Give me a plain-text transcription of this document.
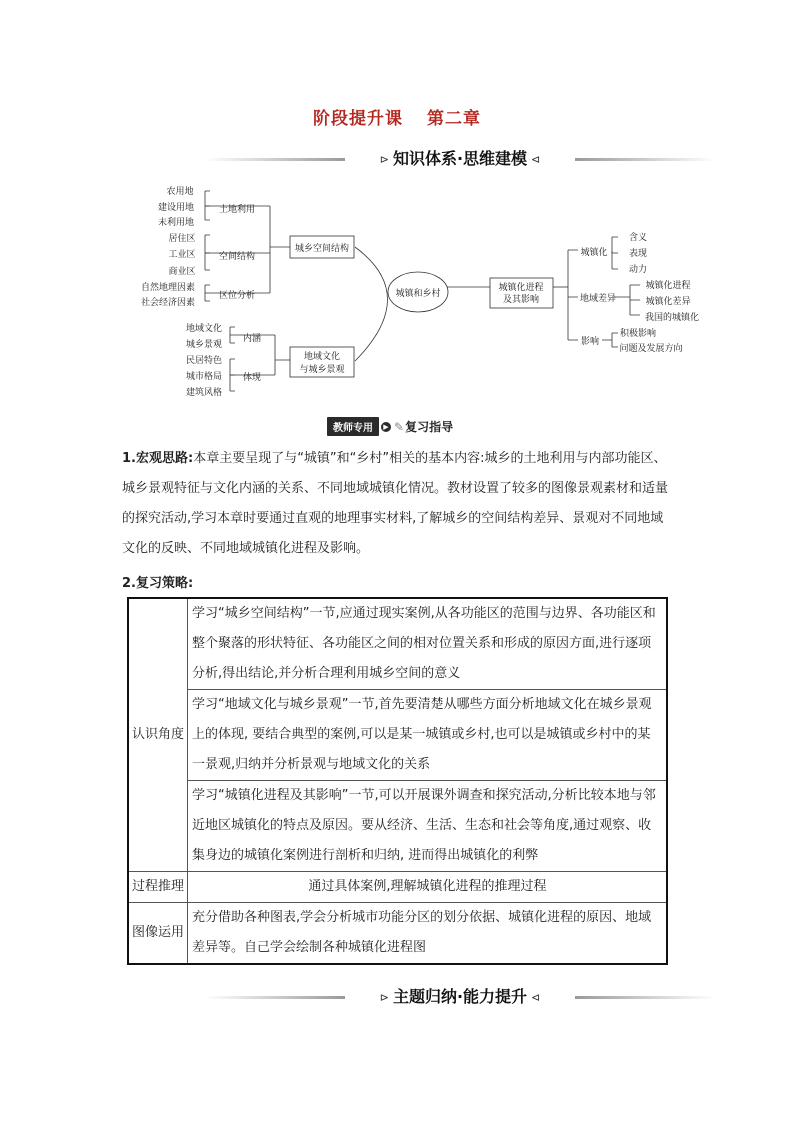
阶段提升课 第二章
⊳ 知识体系·思维建模 ⊲
农用地
建设用地
未利用地
土地利用
居住区
工业区
商业区
空间结构
自然地理因素
社会经济因素
区位分析
城乡空间结构
地域文化
城乡景观
内涵
民居特色
城市格局
建筑风格
体现
地域文化
与城乡景观
城镇和乡村
城镇化进程
及其影响
城镇化
含义
表现
动力
地域差异
城镇化进程
城镇化差异
我国的城镇化
影响
积极影响
问题及发展方向
教师专用 ▶ ✎复习指导
1.宏观思路:本章主要呈现了与“城镇”和“乡村”相关的基本内容:城乡的土地利用与内部功能区、城乡景观特征与文化内涵的关系、不同地域城镇化情况。教材设置了较多的图像景观素材和适量的探究活动,学习本章时要通过直观的地理事实材料,了解城乡的空间结构差异、景观对不同地域文化的反映、不同地域城镇化进程及影响。
2.复习策略:
认识角度	学习“城乡空间结构”一节,应通过现实案例,从各功能区的范围与边界、各功能区和整个聚落的形状特征、各功能区之间的相对位置关系和形成的原因方面,进行逐项分析,得出结论,并分析合理利用城乡空间的意义
	学习“地域文化与城乡景观”一节,首先要清楚从哪些方面分析地域文化在城乡景观上的体现, 要结合典型的案例,可以是某一城镇或乡村,也可以是城镇或乡村中的某一景观,归纳并分析景观与地域文化的关系
	学习“城镇化进程及其影响”一节,可以开展课外调查和探究活动,分析比较本地与邻近地区城镇化的特点及原因。要从经济、生活、生态和社会等角度,通过观察、收集身边的城镇化案例进行剖析和归纳, 进而得出城镇化的利弊
过程推理	通过具体案例,理解城镇化进程的推理过程
图像运用	充分借助各种图表,学会分析城市功能分区的划分依据、城镇化进程的原因、地域差异等。自己学会绘制各种城镇化进程图
⊳ 主题归纳·能力提升 ⊲
